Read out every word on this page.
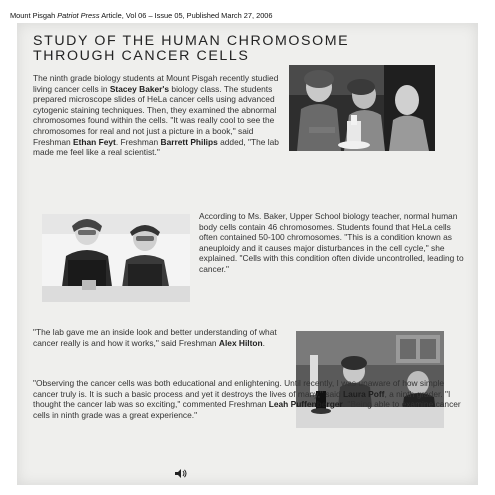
Mount Pisgah Patriot Press Article, Vol 06 – Issue 05, Published March 27, 2006
STUDY OF THE HUMAN CHROMOSOME
THROUGH CANCER CELLS

The ninth grade biology students at Mount Pisgah recently studied living cancer cells in Stacey Baker's biology class. The students prepared microscope slides of HeLa cancer cells using advanced cytogenic staining techniques. Then, they examined the abnormal chromosomes found within the cells. "It was really cool to see the chromosomes for real and not just a picture in a book," said Freshman Ethan Feyt. Freshman Barrett Philips added, "The lab made me feel like a real scientist."

According to Ms. Baker, Upper School biology teacher, normal human body cells contain 46 chromosomes. Students found that HeLa cells often contained 50-100 chromosomes. "This is a condition known as aneuploidy and it causes major disturbances in the cell cycle," she explained. "Cells with this condition often divide uncontrolled, leading to cancer."

"The lab gave me an inside look and better understanding of what cancer really is and how it works," said Freshman Alex Hilton.

"Observing the cancer cells was both educational and enlightening. Until recently, I was unaware of how simple cancer truly is. It is such a basic process and yet it destroys the lives of many," said Laura Poff, a ninth grader. "I thought the cancer lab was so exciting," commented Freshman Leah Puffenberger. "Being able to examine cancer cells in ninth grade was a great experience."
